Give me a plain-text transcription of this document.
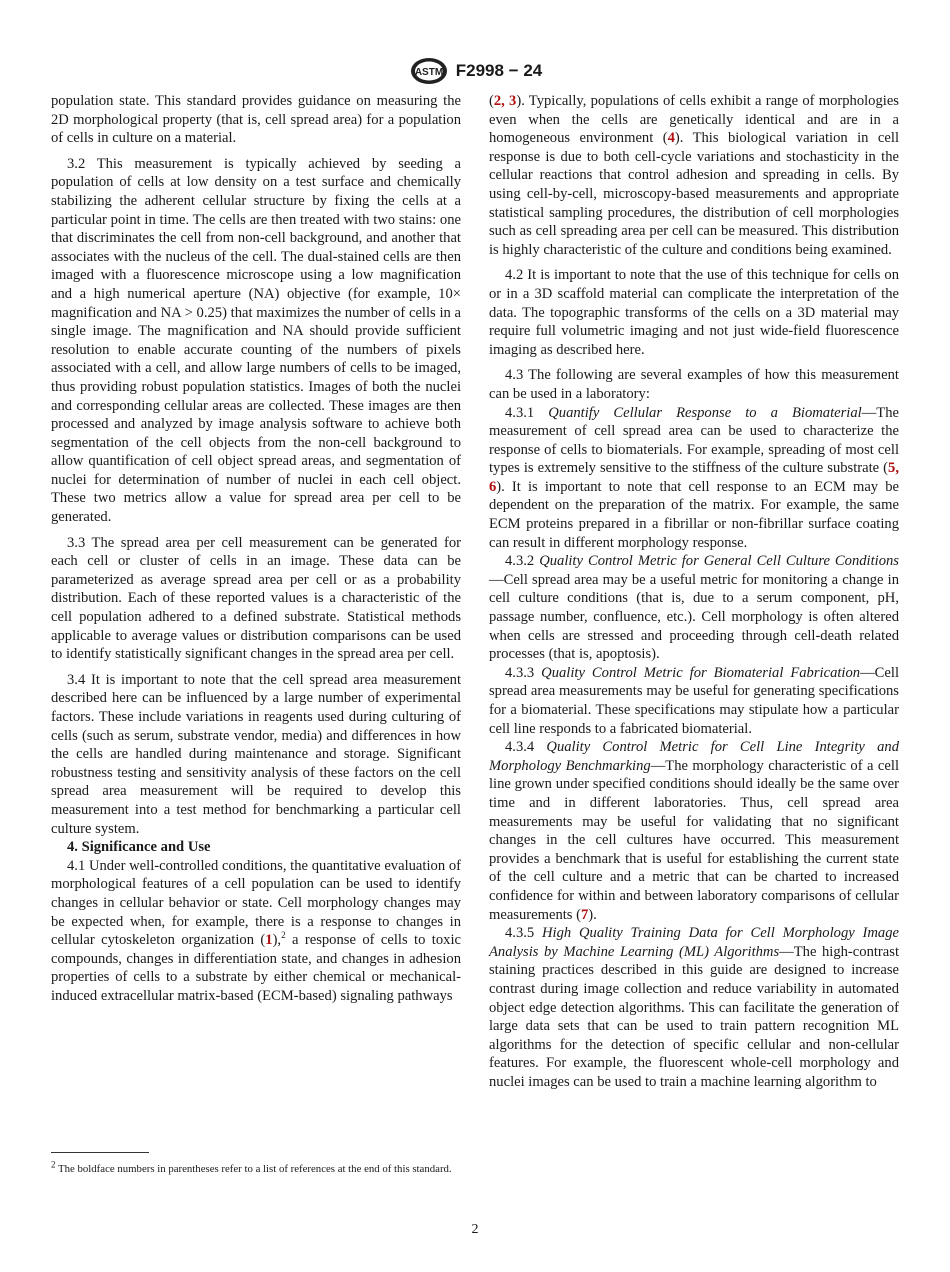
ASTM F2998 − 24

population state. This standard provides guidance on measuring the 2D morphological property (that is, cell spread area) for a population of cells in culture on a material.

3.2 This measurement is typically achieved by seeding a population of cells at low density on a test surface and chemically stabilizing the adherent cellular structure by fixing the cells at a particular point in time. The cells are then treated with two stains: one that discriminates the cell from non-cell background, and another that associates with the nucleus of the cell. The dual-stained cells are then imaged with a fluorescence microscope using a low magnification and a high numerical aperture (NA) objective (for example, 10× magnification and NA > 0.25) that maximizes the number of cells in a single image. The magnification and NA should provide sufficient resolution to enable accurate counting of the numbers of pixels associated with a cell, and allow large numbers of cells to be imaged, thus providing robust population statistics. Images of both the nuclei and corresponding cellular areas are collected. These images are then processed and analyzed by image analysis software to achieve both segmentation of the cell objects from the non-cell background to allow quantification of cell object spread areas, and segmentation of nuclei for determination of number of nuclei in each cell object. These two metrics allow a value for spread area per cell to be generated.

3.3 The spread area per cell measurement can be generated for each cell or cluster of cells in an image. These data can be parameterized as average spread area per cell or as a probability distribution. Each of these reported values is a characteristic of the cell population adhered to a defined substrate. Statistical methods applicable to average values or distribution comparisons can be used to identify statistically significant changes in the spread area per cell.

3.4 It is important to note that the cell spread area measurement described here can be influenced by a large number of experimental factors. These include variations in reagents used during culturing of cells (such as serum, substrate vendor, media) and differences in how the cells are handled during maintenance and storage. Significant robustness testing and sensitivity analysis of these factors on the cell spread area measurement will be required to develop this measurement into a test method for benchmarking a particular cell culture system.

4. Significance and Use

4.1 Under well-controlled conditions, the quantitative evaluation of morphological features of a cell population can be used to identify changes in cellular behavior or state. Cell morphology changes may be expected when, for example, there is a response to changes in cellular cytoskeleton organization (1),$^2$ a response of cells to toxic compounds, changes in differentiation state, and changes in adhesion properties of cells to a substrate by either chemical or mechanical-induced extracellular matrix-based (ECM-based) signaling pathways

(2, 3). Typically, populations of cells exhibit a range of morphologies even when the cells are genetically identical and are in a homogeneous environment (4). This biological variation in cell response is due to both cell-cycle variations and stochasticity in the cellular reactions that control adhesion and spreading in cells. By using cell-by-cell, microscopy-based measurements and appropriate statistical sampling procedures, the distribution of cell morphologies such as cell spreading area per cell can be measured. This distribution is highly characteristic of the culture and conditions being examined.

4.2 It is important to note that the use of this technique for cells on or in a 3D scaffold material can complicate the interpretation of the data. The topographic transforms of the cells on a 3D material may require full volumetric imaging and not just wide-field fluorescence imaging as described here.

4.3 The following are several examples of how this measurement can be used in a laboratory:

4.3.1 Quantify Cellular Response to a Biomaterial—The measurement of cell spread area can be used to characterize the response of cells to biomaterials. For example, spreading of most cell types is extremely sensitive to the stiffness of the culture substrate (5, 6). It is important to note that cell response to an ECM may be dependent on the preparation of the matrix. For example, the same ECM proteins prepared in a fibrillar or non-fibrillar surface coating can result in different morphology response.

4.3.2 Quality Control Metric for General Cell Culture Conditions—Cell spread area may be a useful metric for monitoring a change in cell culture conditions (that is, due to a serum component, pH, passage number, confluence, etc.). Cell morphology is often altered when cells are stressed and proceeding through cell-death related processes (that is, apoptosis).

4.3.3 Quality Control Metric for Biomaterial Fabrication—Cell spread area measurements may be useful for generating specifications for a biomaterial. These specifications may stipulate how a particular cell line responds to a fabricated biomaterial.

4.3.4 Quality Control Metric for Cell Line Integrity and Morphology Benchmarking—The morphology characteristic of a cell line grown under specified conditions should ideally be the same over time and in different laboratories. Thus, cell spread area measurements may be useful for validating that no significant changes in the cell cultures have occurred. This measurement provides a benchmark that is useful for establishing the current state of the cell culture and a metric that can be charted to increased confidence for within and between laboratory comparisons of cellular measurements (7).

4.3.5 High Quality Training Data for Cell Morphology Image Analysis by Machine Learning (ML) Algorithms—The high-contrast staining practices described in this guide are designed to increase contrast during image collection and reduce variability in automated object edge detection algorithms. This can facilitate the generation of large data sets that can be used to train pattern recognition ML algorithms for the detection of specific cellular and non-cellular features. For example, the fluorescent whole-cell morphology and nuclei images can be used to train a machine learning algorithm to

$^2$ The boldface numbers in parentheses refer to a list of references at the end of this standard.
2
